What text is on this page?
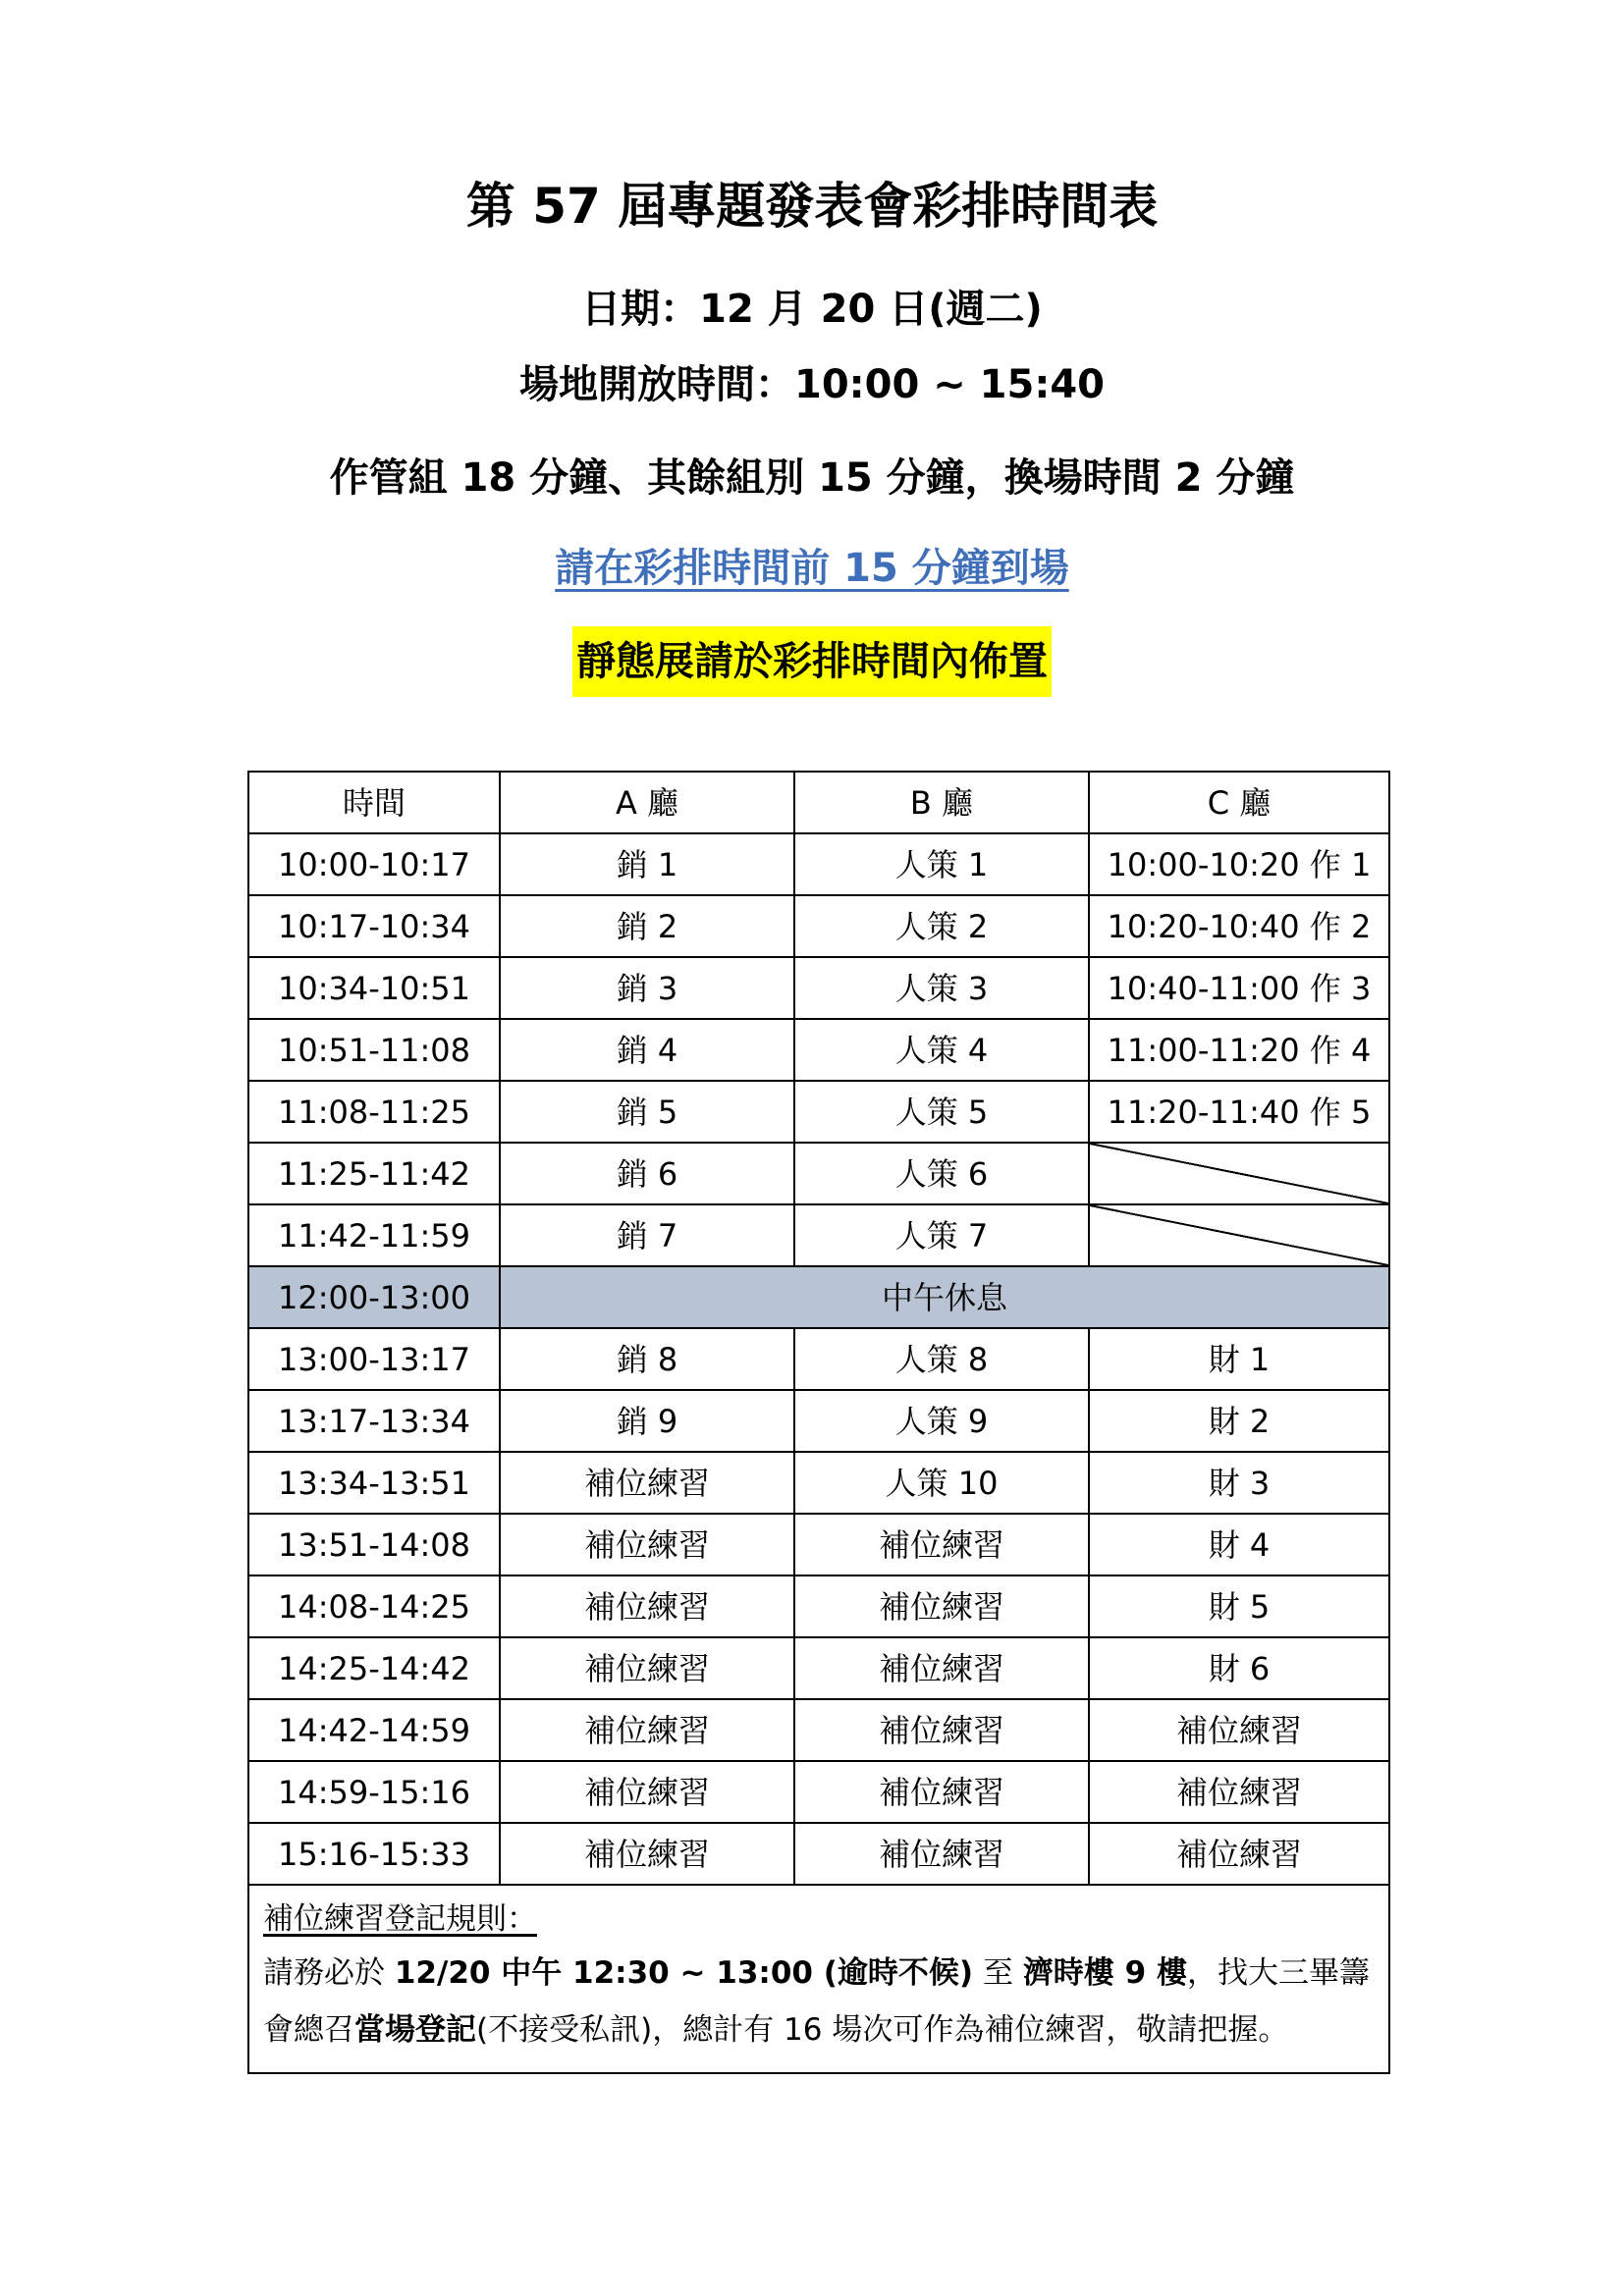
第 57 屆專題發表會彩排時間表
日期：12 月 20 日(週二)
場地開放時間：10:00 ~ 15:40
作管組 18 分鐘、其餘組別 15 分鐘，換場時間 2 分鐘
請在彩排時間前 15 分鐘到場
靜態展請於彩排時間內佈置
時間	A 廳	B 廳	C 廳
10:00-10:17	銷 1	人策 1	10:00-10:20 作 1
10:17-10:34	銷 2	人策 2	10:20-10:40 作 2
10:34-10:51	銷 3	人策 3	10:40-11:00 作 3
10:51-11:08	銷 4	人策 4	11:00-11:20 作 4
11:08-11:25	銷 5	人策 5	11:20-11:40 作 5
11:25-11:42	銷 6	人策 6	
11:42-11:59	銷 7	人策 7	
12:00-13:00	中午休息		
13:00-13:17	銷 8	人策 8	財 1
13:17-13:34	銷 9	人策 9	財 2
13:34-13:51	補位練習	人策 10	財 3
13:51-14:08	補位練習	補位練習	財 4
14:08-14:25	補位練習	補位練習	財 5
14:25-14:42	補位練習	補位練習	財 6
14:42-14:59	補位練習	補位練習	補位練習
14:59-15:16	補位練習	補位練習	補位練習
15:16-15:33	補位練習	補位練習	補位練習

補位練習登記規則：
請務必於 12/20 中午 12:30 ~ 13:00 (逾時不候) 至 濟時樓 9 樓，找大三畢籌
會總召當場登記(不接受私訊)，總計有 16 場次可作為補位練習，敬請把握。			
